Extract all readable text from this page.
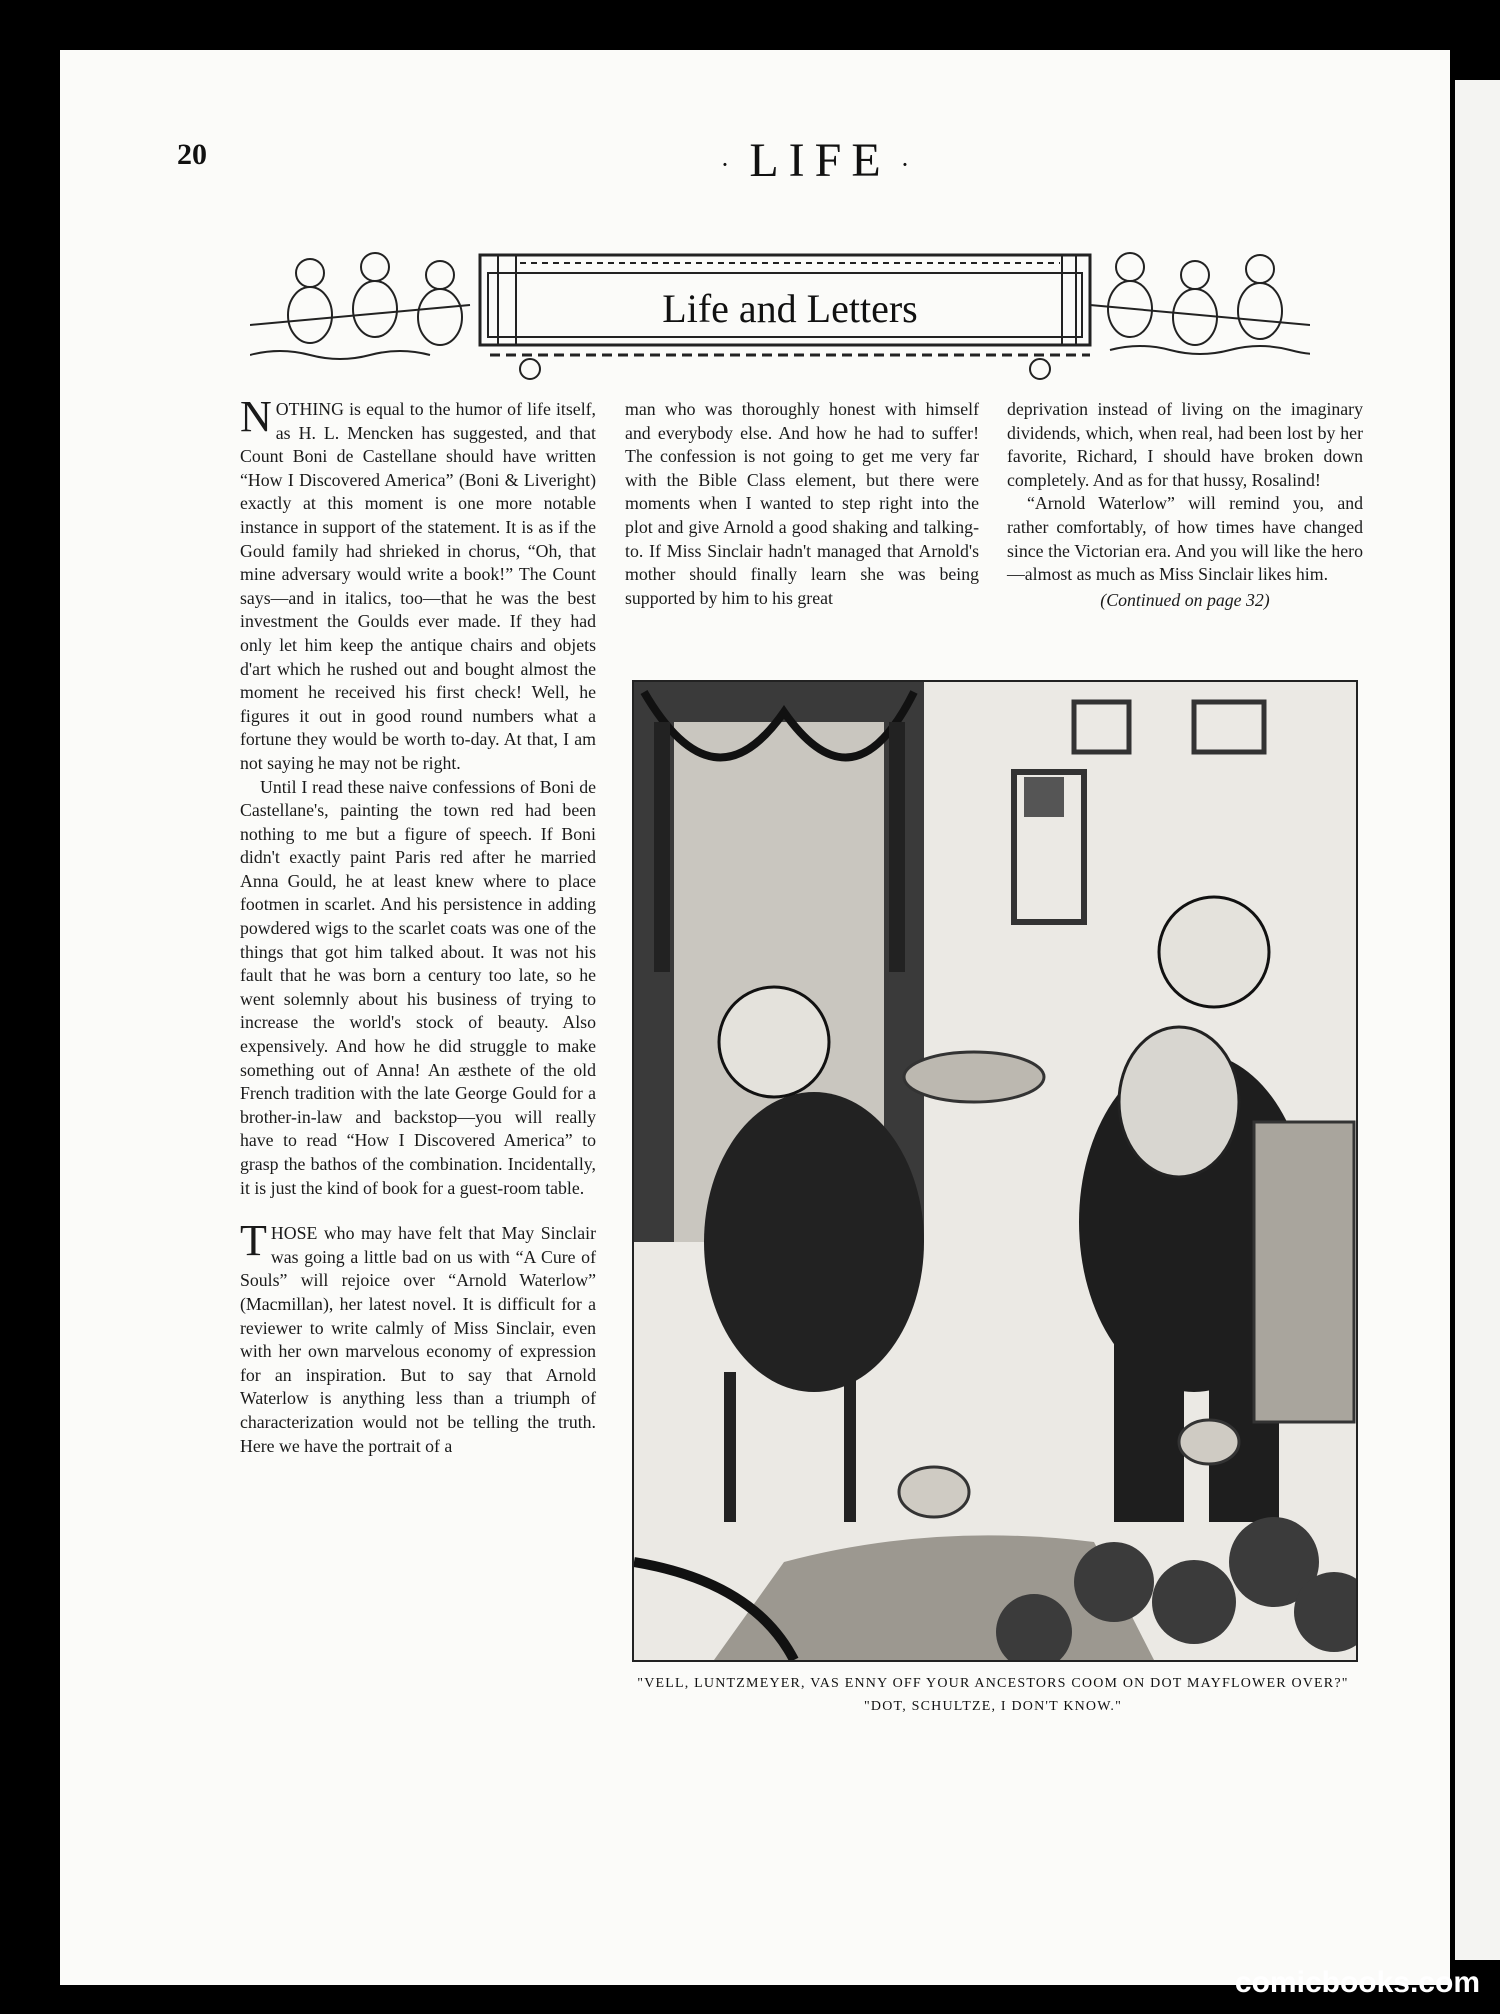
20	· LIFE ·
Life and Letters

NOTHING is equal to the humor of life itself, as H. L. Mencken has suggested, and that Count Boni de Castellane should have written “How I Discovered America” (Boni & Liveright) exactly at this moment is one more notable instance in support of the statement. It is as if the Gould family had shrieked in chorus, “Oh, that mine adversary would write a book!” The Count says—and in italics, too—that he was the best investment the Goulds ever made. If they had only let him keep the antique chairs and objets d'art which he rushed out and bought almost the moment he received his first check! Well, he figures it out in good round numbers what a fortune they would be worth to-day. At that, I am not saying he may not be right.

Until I read these naive confessions of Boni de Castellane's, painting the town red had been nothing to me but a figure of speech. If Boni didn't exactly paint Paris red after he married Anna Gould, he at least knew where to place footmen in scarlet. And his persistence in adding powdered wigs to the scarlet coats was one of the things that got him talked about. It was not his fault that he was born a century too late, so he went solemnly about his business of trying to increase the world's stock of beauty. Also expensively. And how he did struggle to make something out of Anna! An æsthete of the old French tradition with the late George Gould for a brother-in-law and backstop—you will really have to read “How I Discovered America” to grasp the bathos of the combination. Incidentally, it is just the kind of book for a guest-room table.

THOSE who may have felt that May Sinclair was going a little bad on us with “A Cure of Souls” will rejoice over “Arnold Waterlow” (Macmillan), her latest novel. It is difficult for a reviewer to write calmly of Miss Sinclair, even with her own marvelous economy of expression for an inspiration. But to say that Arnold Waterlow is anything less than a triumph of characterization would not be telling the truth. Here we have the portrait of a

man who was thoroughly honest with himself and everybody else. And how he had to suffer! The confession is not going to get me very far with the Bible Class element, but there were moments when I wanted to step right into the plot and give Arnold a good shaking and talking-to. If Miss Sinclair hadn't managed that Arnold's mother should finally learn she was being supported by him to his great

deprivation instead of living on the imaginary dividends, which, when real, had been lost by her favorite, Richard, I should have broken down completely. And as for that hussy, Rosalind!

“Arnold Waterlow” will remind you, and rather comfortably, of how times have changed since the Victorian era. And you will like the hero—almost as much as Miss Sinclair likes him.

(Continued on page 32)

"VELL, LUNTZMEYER, VAS ENNY OFF YOUR ANCESTORS COOM ON DOT MAYFLOWER OVER?"
"DOT, SCHULTZE, I DON'T KNOW."
comicbooks.com
